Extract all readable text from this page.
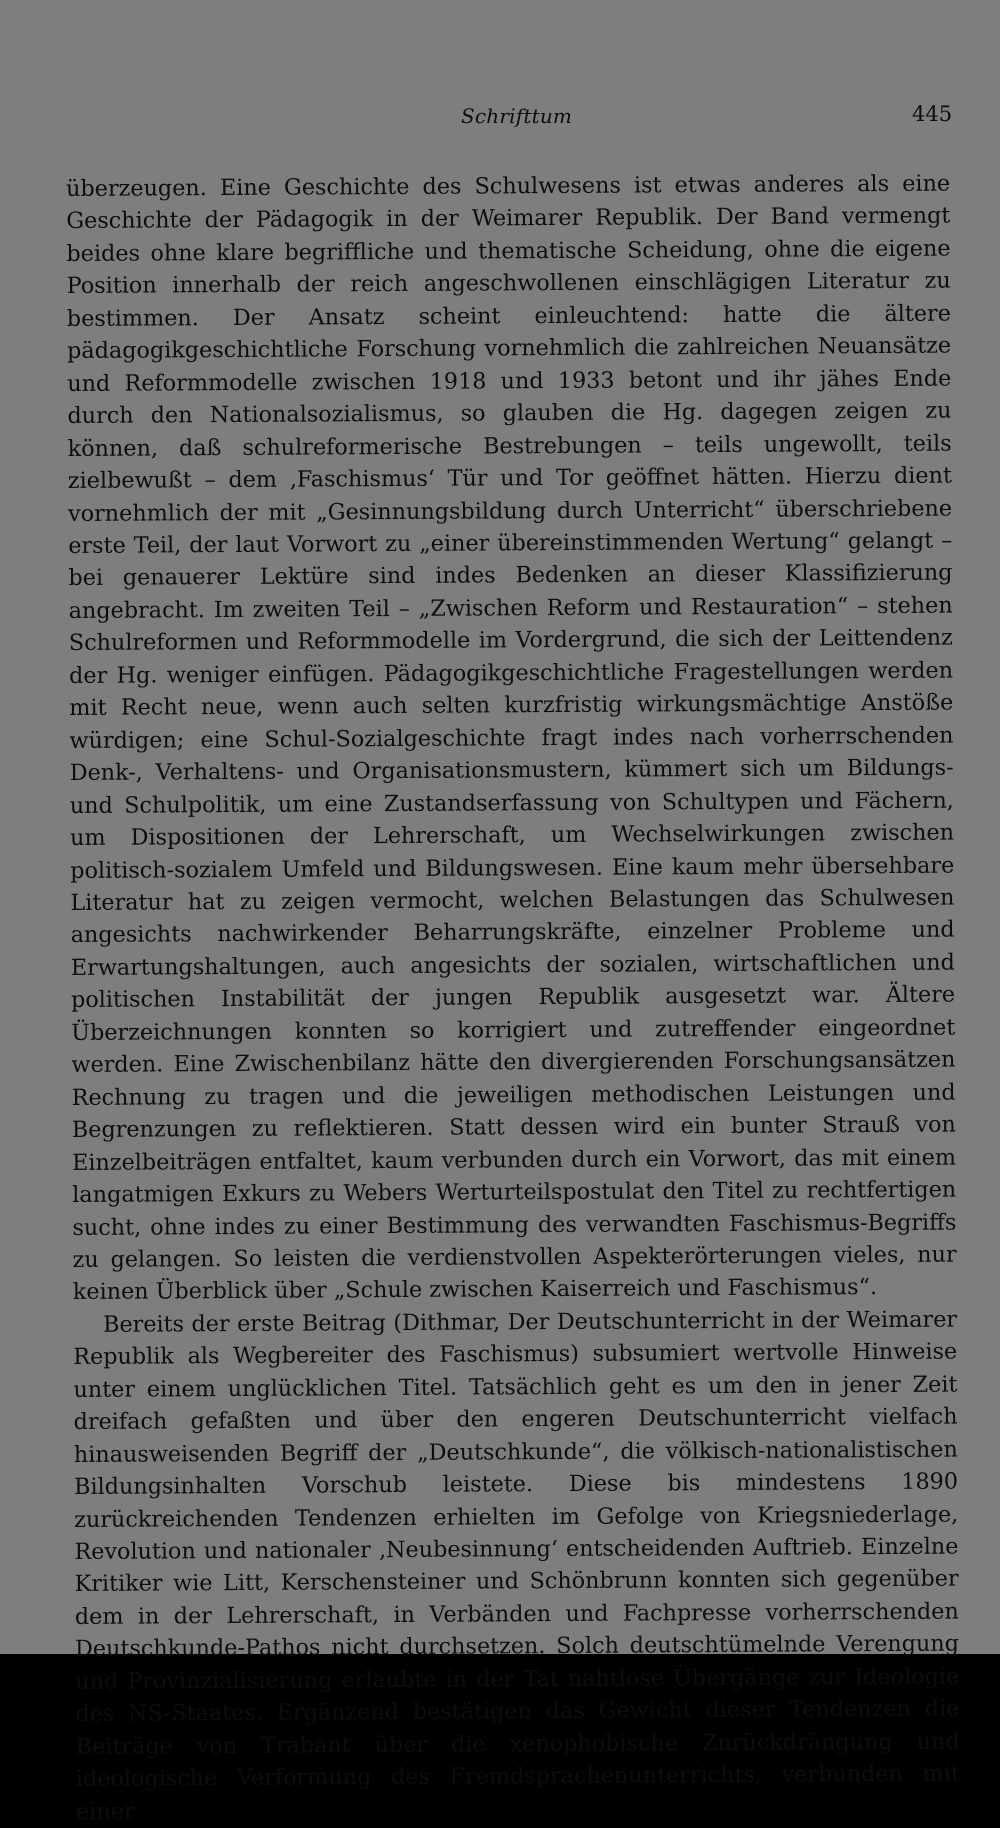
Schrifttum	445

überzeugen. Eine Geschichte des Schulwesens ist etwas anderes als eine Geschichte der Pädagogik in der Weimarer Republik. Der Band vermengt beides ohne klare begriffliche und thematische Scheidung, ohne die eigene Position innerhalb der reich angeschwollenen einschlägigen Literatur zu bestimmen. Der Ansatz scheint einleuchtend: hatte die ältere pädagogikgeschichtliche Forschung vornehmlich die zahlreichen Neuansätze und Reformmodelle zwischen 1918 und 1933 betont und ihr jähes Ende durch den Nationalsozialismus, so glauben die Hg. dagegen zeigen zu können, daß schulreformerische Bestrebungen – teils ungewollt, teils zielbewußt – dem ‚Faschismus‘ Tür und Tor geöffnet hätten. Hierzu dient vornehmlich der mit „Gesinnungsbildung durch Unterricht“ überschriebene erste Teil, der laut Vorwort zu „einer übereinstimmenden Wertung“ gelangt – bei genauerer Lektüre sind indes Bedenken an dieser Klassifizierung angebracht. Im zweiten Teil – „Zwischen Reform und Restauration“ – stehen Schulreformen und Reformmodelle im Vordergrund, die sich der Leittendenz der Hg. weniger einfügen. Pädagogikgeschichtliche Fragestellungen werden mit Recht neue, wenn auch selten kurzfristig wirkungsmächtige Anstöße würdigen; eine Schul-Sozialgeschichte fragt indes nach vorherrschenden Denk-, Verhaltens- und Organisationsmustern, kümmert sich um Bildungs- und Schulpolitik, um eine Zustandserfassung von Schultypen und Fächern, um Dispositionen der Lehrerschaft, um Wechselwirkungen zwischen politisch-sozialem Umfeld und Bildungswesen. Eine kaum mehr übersehbare Literatur hat zu zeigen vermocht, welchen Belastungen das Schulwesen angesichts nachwirkender Beharrungskräfte, einzelner Probleme und Erwartungshaltungen, auch angesichts der sozialen, wirtschaftlichen und politischen Instabilität der jungen Republik ausgesetzt war. Ältere Überzeichnungen konnten so korrigiert und zutreffender eingeordnet werden. Eine Zwischenbilanz hätte den divergierenden Forschungsansätzen Rechnung zu tragen und die jeweiligen methodischen Leistungen und Begrenzungen zu reflektieren. Statt dessen wird ein bunter Strauß von Einzelbeiträgen entfaltet, kaum verbunden durch ein Vorwort, das mit einem langatmigen Exkurs zu Webers Werturteilspostulat den Titel zu rechtfertigen sucht, ohne indes zu einer Bestimmung des verwandten Faschismus-Begriffs zu gelangen. So leisten die verdienstvollen Aspekterörterungen vieles, nur keinen Überblick über „Schule zwischen Kaiserreich und Faschismus“.

Bereits der erste Beitrag (Dithmar, Der Deutschunterricht in der Weimarer Republik als Wegbereiter des Faschismus) subsumiert wertvolle Hinweise unter einem unglücklichen Titel. Tatsächlich geht es um den in jener Zeit dreifach gefaßten und über den engeren Deutschunterricht vielfach hinausweisenden Begriff der „Deutschkunde“, die völkisch-nationalistischen Bildungsinhalten Vorschub leistete. Diese bis mindestens 1890 zurückreichenden Tendenzen erhielten im Gefolge von Kriegsniederlage, Revolution und nationaler ‚Neubesinnung‘ entscheidenden Auftrieb. Einzelne Kritiker wie Litt, Kerschensteiner und Schönbrunn konnten sich gegenüber dem in der Lehrerschaft, in Verbänden und Fachpresse vorherrschenden Deutschkunde-Pathos nicht durchsetzen. Solch deutschtümelnde Verengung und Provinzialisierung erlaubte in der Tat nahtlose Übergänge zur Ideologie des NS-Staates. Ergänzend bestätigen das Gewicht dieser Tendenzen die Beiträge von Trabant über die xenophobische Zurückdrängung und ideologische Verformung des Fremdsprachenunterrichts, verbunden mit einer
